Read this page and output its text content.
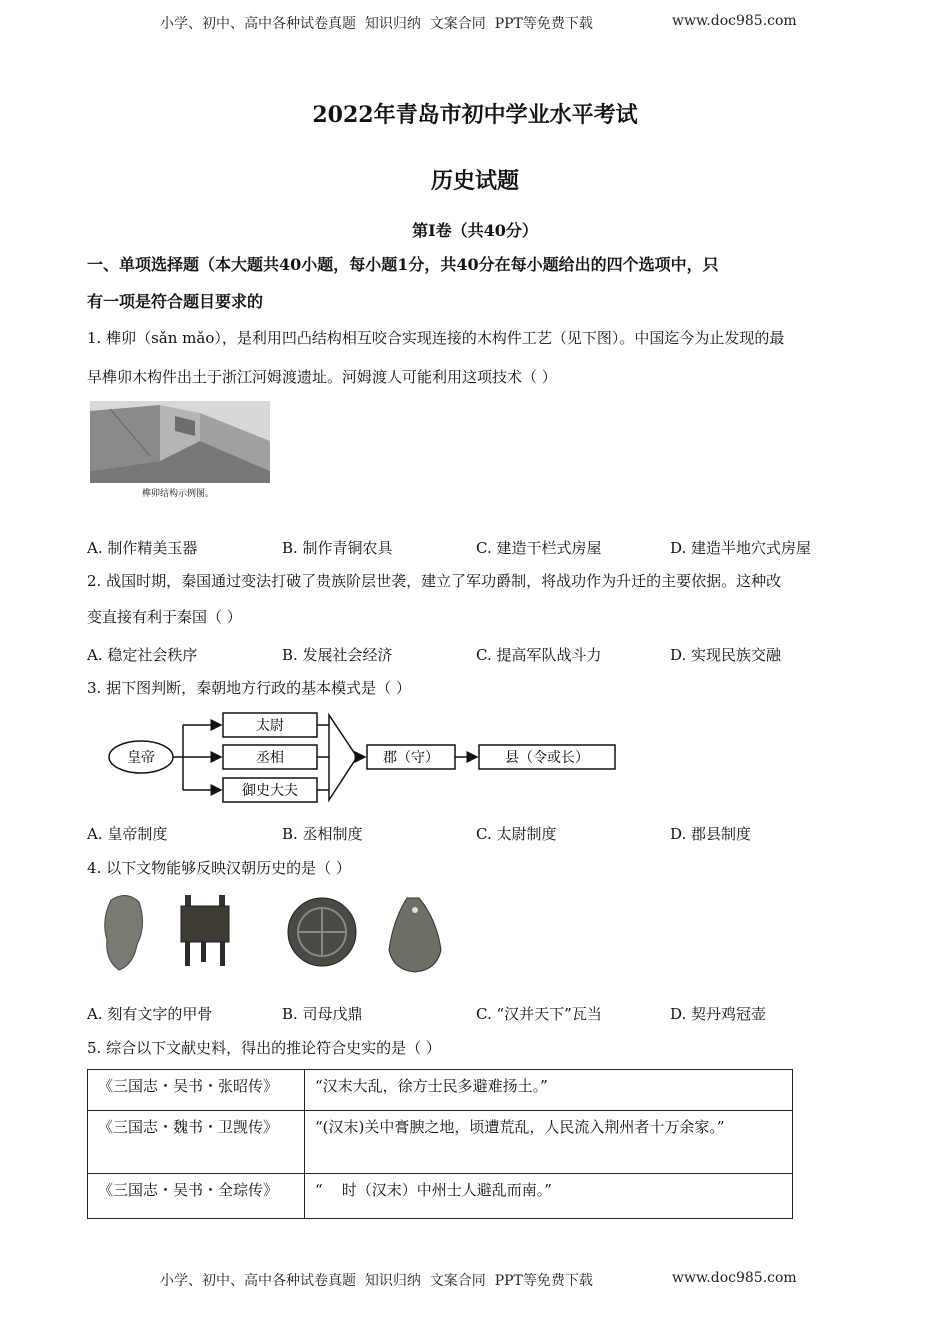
小学、初中、高中各种试卷真题  知识归纳  文案合同  PPT等免费下载	www.doc985.com
2022年青岛市初中学业水平考试
历史试题
第Ⅰ卷（共40分）
一、单项选择题（本大题共40小题，每小题1分，共40分在每小题给出的四个选项中，只
有一项是符合题目要求的
1. 榫卯（sǎn mǎo），是利用凹凸结构相互咬合实现连接的木构件工艺（见下图）。中国迄今为止发现的最
早榫卯木构件出土于浙江河姆渡遗址。河姆渡人可能利用这项技术（ ）
榫卯结构示例图。
A. 制作精美玉器	B. 制作青铜农具	C. 建造干栏式房屋	D. 建造半地穴式房屋
2. 战国时期，秦国通过变法打破了贵族阶层世袭，建立了军功爵制，将战功作为升迁的主要依据。这种改
变直接有利于秦国（ ）
A. 稳定社会秩序	B. 发展社会经济	C. 提高军队战斗力	D. 实现民族交融
3. 据下图判断，秦朝地方行政的基本模式是（ ）
皇帝
太尉
丞相
御史大夫
郡（守）	县（令或长）
A. 皇帝制度	B. 丞相制度	C. 太尉制度	D. 郡县制度
4. 以下文物能够反映汉朝历史的是（ ）
A. 刻有文字的甲骨	B. 司母戊鼎	C. “汉并天下”瓦当	D. 契丹鸡冠壶
5. 综合以下文献史料，得出的推论符合史实的是（ ）
《三国志・吴书・张昭传》	“汉末大乱，徐方士民多避难扬土。”
《三国志・魏书・卫觊传》	“(汉末)关中膏腴之地，顷遭荒乱，人民流入荆州者十万余家。”
《三国志・吴书・全琮传》	“    时（汉末）中州士人避乱而南。”
小学、初中、高中各种试卷真题  知识归纳  文案合同  PPT等免费下载	www.doc985.com
